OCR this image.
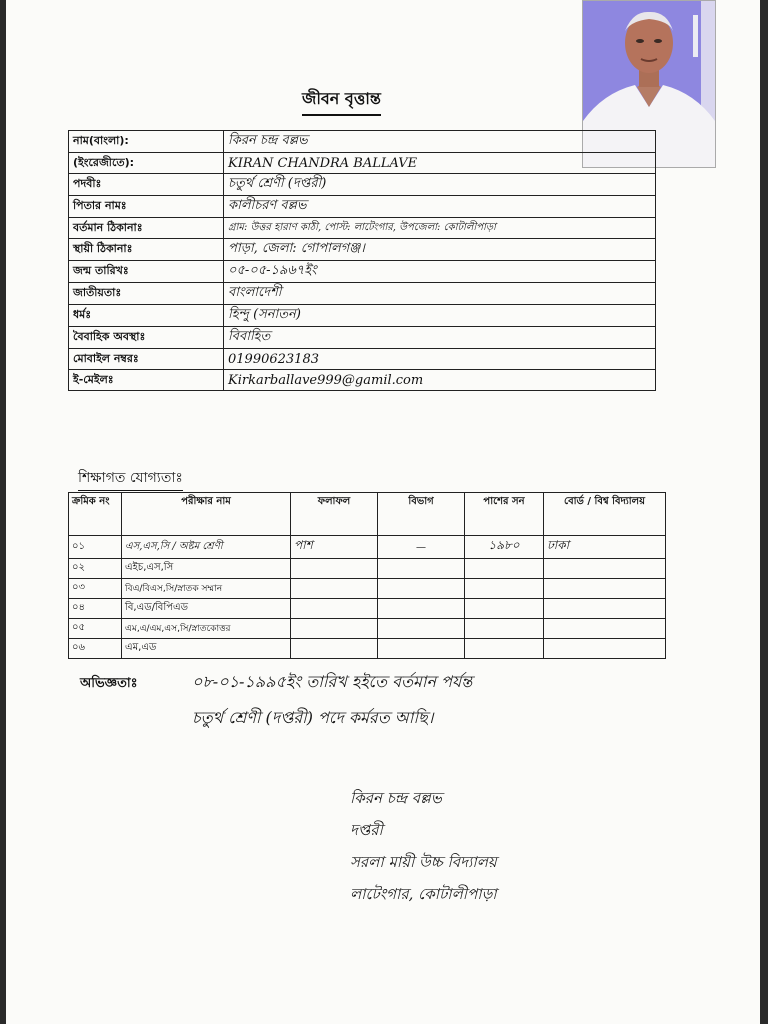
জীবন বৃত্তান্ত
নাম(বাংলা):	কিরন চন্দ্র বল্লভ
(ইংরেজীতে):	KIRAN CHANDRA BALLAVE
পদবীঃ	চতুর্থ শ্রেণী (দপ্তরী)
পিতার নামঃ	কালীচরণ বল্লভ
বর্তমান ঠিকানাঃ	গ্রাম: উত্তর হারাণ কাঠী, পোস্ট: লাটেংগার, উপজেলা: কোটালীপাড়া
স্থায়ী ঠিকানাঃ	পাড়া, জেলা: গোপালগঞ্জ।
জন্ম তারিখঃ	০৫-০৫-১৯৬৭ইং
জাতীয়তাঃ	বাংলাদেশী
ধর্মঃ	হিন্দু (সনাতন)
বৈবাহিক অবস্থাঃ	বিবাহিত
মোবাইল নম্বরঃ	01990623183
ই-মেইলঃ	Kirkarballave999@gamil.com
শিক্ষাগত যোগ্যতাঃ
ক্রমিক নং	পরীক্ষার নাম	ফলাফল	বিভাগ	পাশের সন	বোর্ড / বিশ্ব বিদ্যালয়
০১	এস,এস,সি / অষ্টম শ্রেণী	পাশ	—	১৯৮০	ঢাকা
০২	এইচ,এস,সি				
০৩	বিএ/বিএস,সি/স্নাতক সম্মান				
০৪	বি,এড/বিপিএড				
০৫	এম,এ/এম,এস,সি/স্নাতকোত্তর				
০৬	এম,এড				
অভিজ্ঞতাঃ	০৮-০১-১৯৯৫ইং তারিখ হইতে বর্তমান পর্যন্ত
চতুর্থ শ্রেণী (দপ্তরী) পদে কর্মরত আছি।
কিরন চন্দ্র বল্লভ
দপ্তরী
সরলা মায়ী উচ্চ বিদ্যালয়
লাটেংগার, কোটালীপাড়া
